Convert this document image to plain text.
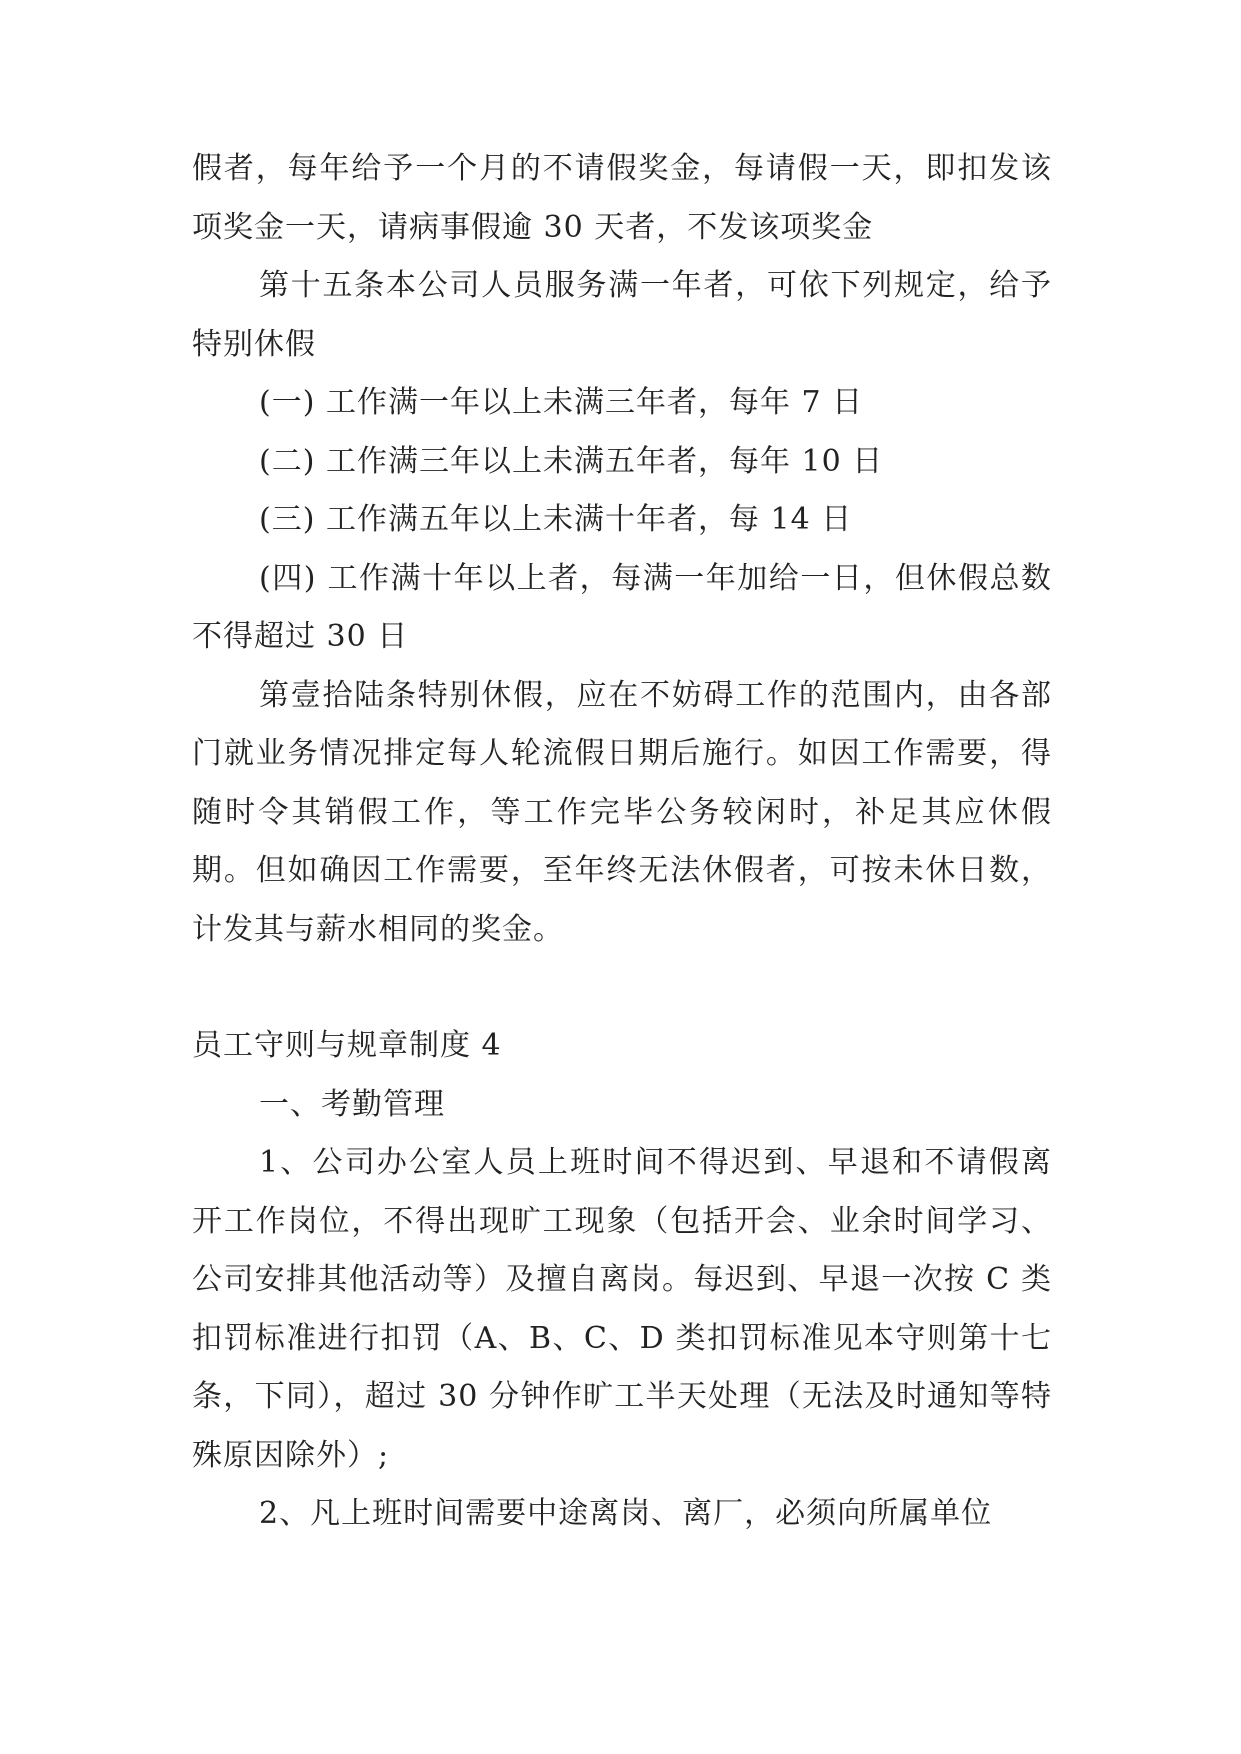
假者，每年给予一个月的不请假奖金，每请假一天，即扣发该项奖金一天，请病事假逾 30 天者，不发该项奖金

第十五条本公司人员服务满一年者，可依下列规定，给予特别休假

(一) 工作满一年以上未满三年者，每年 7 日

(二) 工作满三年以上未满五年者，每年 10 日

(三) 工作满五年以上未满十年者，每 14 日

(四) 工作满十年以上者，每满一年加给一日，但休假总数不得超过 30 日

第壹拾陆条特别休假，应在不妨碍工作的范围内，由各部门就业务情况排定每人轮流假日期后施行。如因工作需要，得随时令其销假工作，等工作完毕公务较闲时，补足其应休假期。但如确因工作需要，至年终无法休假者，可按未休日数，计发其与薪水相同的奖金。

员工守则与规章制度 4

一、考勤管理

1、公司办公室人员上班时间不得迟到、早退和不请假离开工作岗位，不得出现旷工现象（包括开会、业余时间学习、公司安排其他活动等）及擅自离岗。每迟到、早退一次按 C 类扣罚标准进行扣罚（A、B、C、D 类扣罚标准见本守则第十七条，下同），超过 30 分钟作旷工半天处理（无法及时通知等特殊原因除外）;

2、凡上班时间需要中途离岗、离厂，必须向所属单位
